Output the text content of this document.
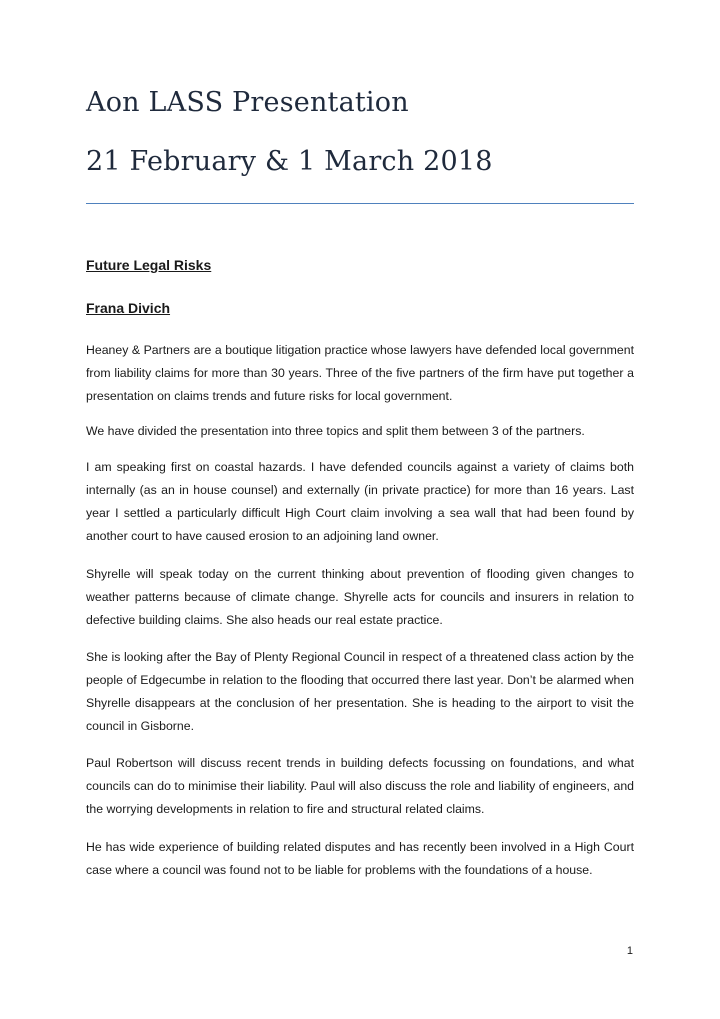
Aon LASS Presentation
21 February & 1 March 2018
Future Legal Risks
Frana Divich

Heaney & Partners are a boutique litigation practice whose lawyers have defended local government from liability claims for more than 30 years. Three of the five partners of the firm have put together a presentation on claims trends and future risks for local government.

We have divided the presentation into three topics and split them between 3 of the partners.

I am speaking first on coastal hazards. I have defended councils against a variety of claims both internally (as an in house counsel) and externally (in private practice) for more than 16 years. Last year I settled a particularly difficult High Court claim involving a sea wall that had been found by another court to have caused erosion to an adjoining land owner.

Shyrelle will speak today on the current thinking about prevention of flooding given changes to weather patterns because of climate change. Shyrelle acts for councils and insurers in relation to defective building claims. She also heads our real estate practice.

She is looking after the Bay of Plenty Regional Council in respect of a threatened class action by the people of Edgecumbe in relation to the flooding that occurred there last year. Don’t be alarmed when Shyrelle disappears at the conclusion of her presentation. She is heading to the airport to visit the council in Gisborne.

Paul Robertson will discuss recent trends in building defects focussing on foundations, and what councils can do to minimise their liability. Paul will also discuss the role and liability of engineers, and the worrying developments in relation to fire and structural related claims.

He has wide experience of building related disputes and has recently been involved in a High Court case where a council was found not to be liable for problems with the foundations of a house.

1
